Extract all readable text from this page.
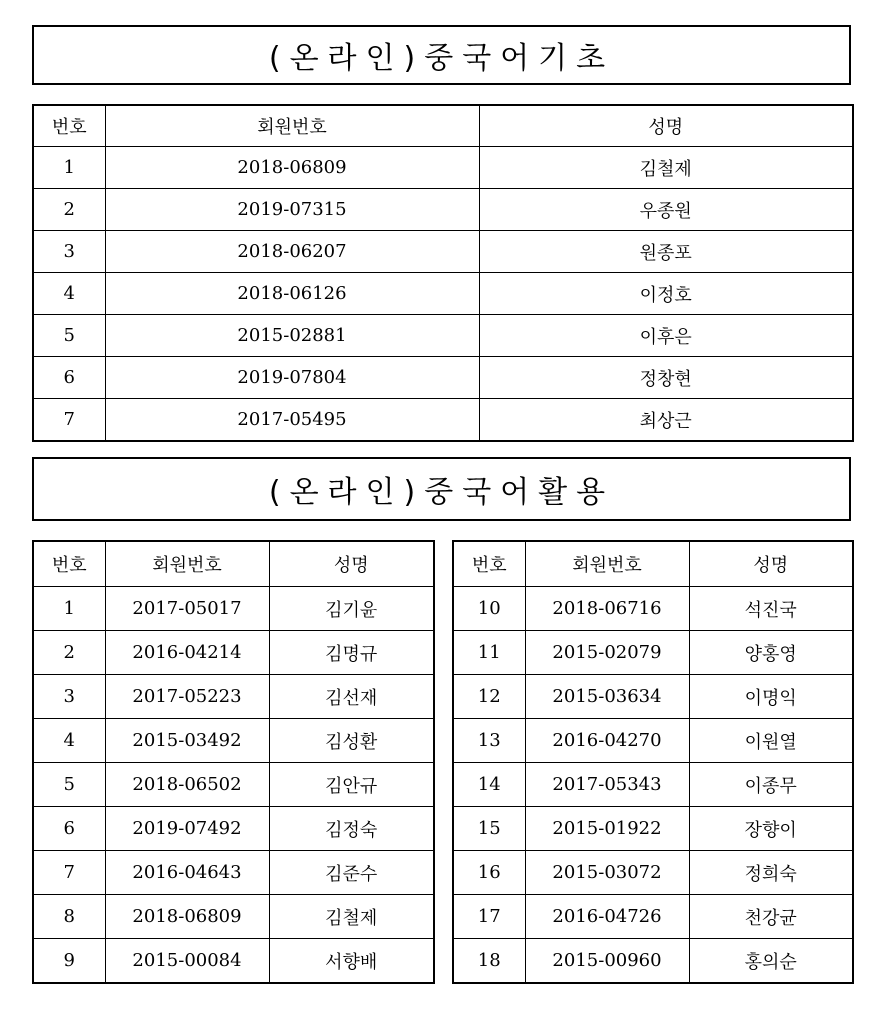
(온라인)중국어기초
번호	회원번호	성명
1	2018-06809	김철제
2	2019-07315	우종원
3	2018-06207	원종포
4	2018-06126	이정호
5	2015-02881	이후은
6	2019-07804	정창현
7	2017-05495	최상근
(온라인)중국어활용
번호	회원번호	성명
1	2017-05017	김기윤
2	2016-04214	김명규
3	2017-05223	김선재
4	2015-03492	김성환
5	2018-06502	김안규
6	2019-07492	김정숙
7	2016-04643	김준수
8	2018-06809	김철제
9	2015-00084	서향배
번호	회원번호	성명
10	2018-06716	석진국
11	2015-02079	양홍영
12	2015-03634	이명익
13	2016-04270	이원열
14	2017-05343	이종무
15	2015-01922	장향이
16	2015-03072	정희숙
17	2016-04726	천강균
18	2015-00960	홍의순
